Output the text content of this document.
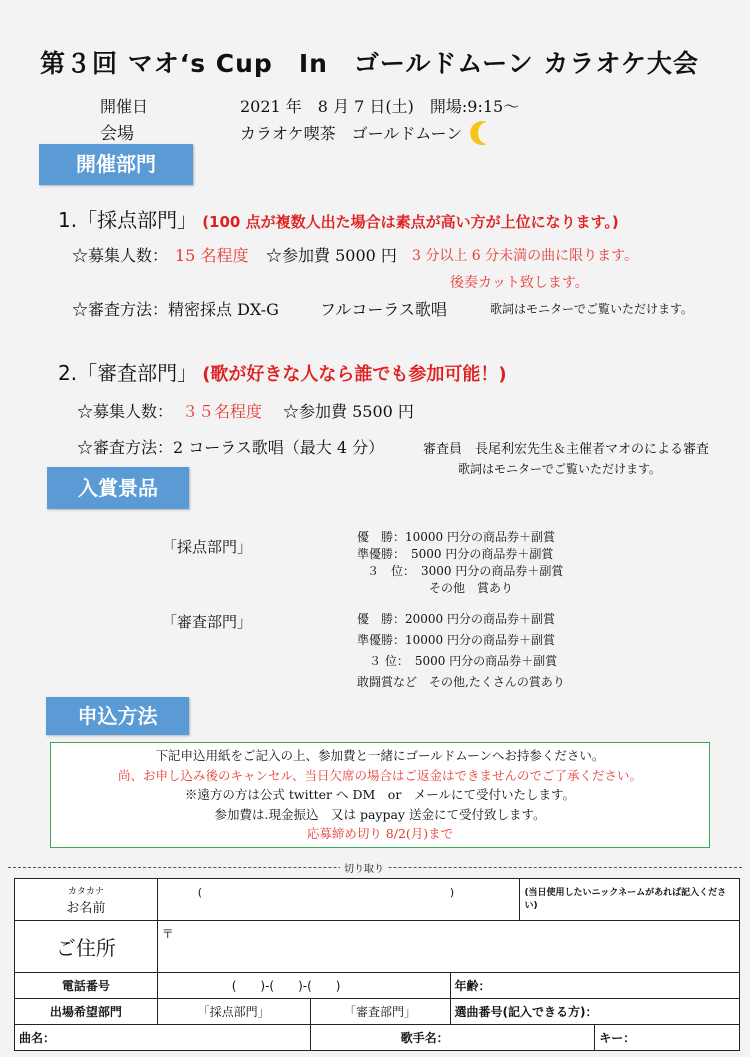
第３回 マオ‘s Cup　In　ゴールドムーン カラオケ大会
開催日	2021 年　8 月 7 日(土)　開場:9:15～
会場	カラオケ喫茶　ゴールドムーン
開催部門
1.「採点部門」 (100 点が複数人出た場合は素点が高い方が上位になります。)
☆募集人数： 15 名程度 ☆参加費 5000 円 3 分以上 6 分未満の曲に限ります。
後奏カット致します。
☆審査方法：精密採点 DX-G	フルコーラス歌唱	歌詞はモニターでご覧いただけます。
2.「審査部門」 (歌が好きな人なら誰でも参加可能！)
☆募集人数： ３５名程度 ☆参加費 5500 円
☆審査方法：2 コーラス歌唱（最大 4 分）	審査員　長尾利宏先生＆主催者マオのによる審査
歌詞はモニターでご覧いただけます。
入賞景品
「採点部門」
優　勝：10000 円分の商品券＋副賞
準優勝：　5000 円分の商品券＋副賞
３　位：　3000 円分の商品券＋副賞
その他　賞あり
「審査部門」	優　勝：20000 円分の商品券＋副賞
準優勝：10000 円分の商品券＋副賞
３ 位：　5000 円分の商品券＋副賞
敢闘賞など　その他,たくさんの賞あり
申込方法
下記申込用紙をご記入の上、参加費と一緒にゴールドムーンへお持参ください。
尚、お申し込み後のキャンセル、当日欠席の場合はご返金はできませんのでご了承ください。
※遠方の方は公式 twitter へ DM　or　メールにて受付いたします。
参加費は.現金振込　又は paypay 送金にて受付致します。
応募締め切り 8/2(月)まで
切り取り
カタカナ
お名前	( )			(当日使用したいニックネームがあれば記入ください)	
ご住所	〒				
電話番号	(　　)-(　　)-(　　)		年齢：		
出場希望部門	「採点部門」	「審査部門」	選曲番号(記入できる方)：		
曲名：		歌手名：			キー：
